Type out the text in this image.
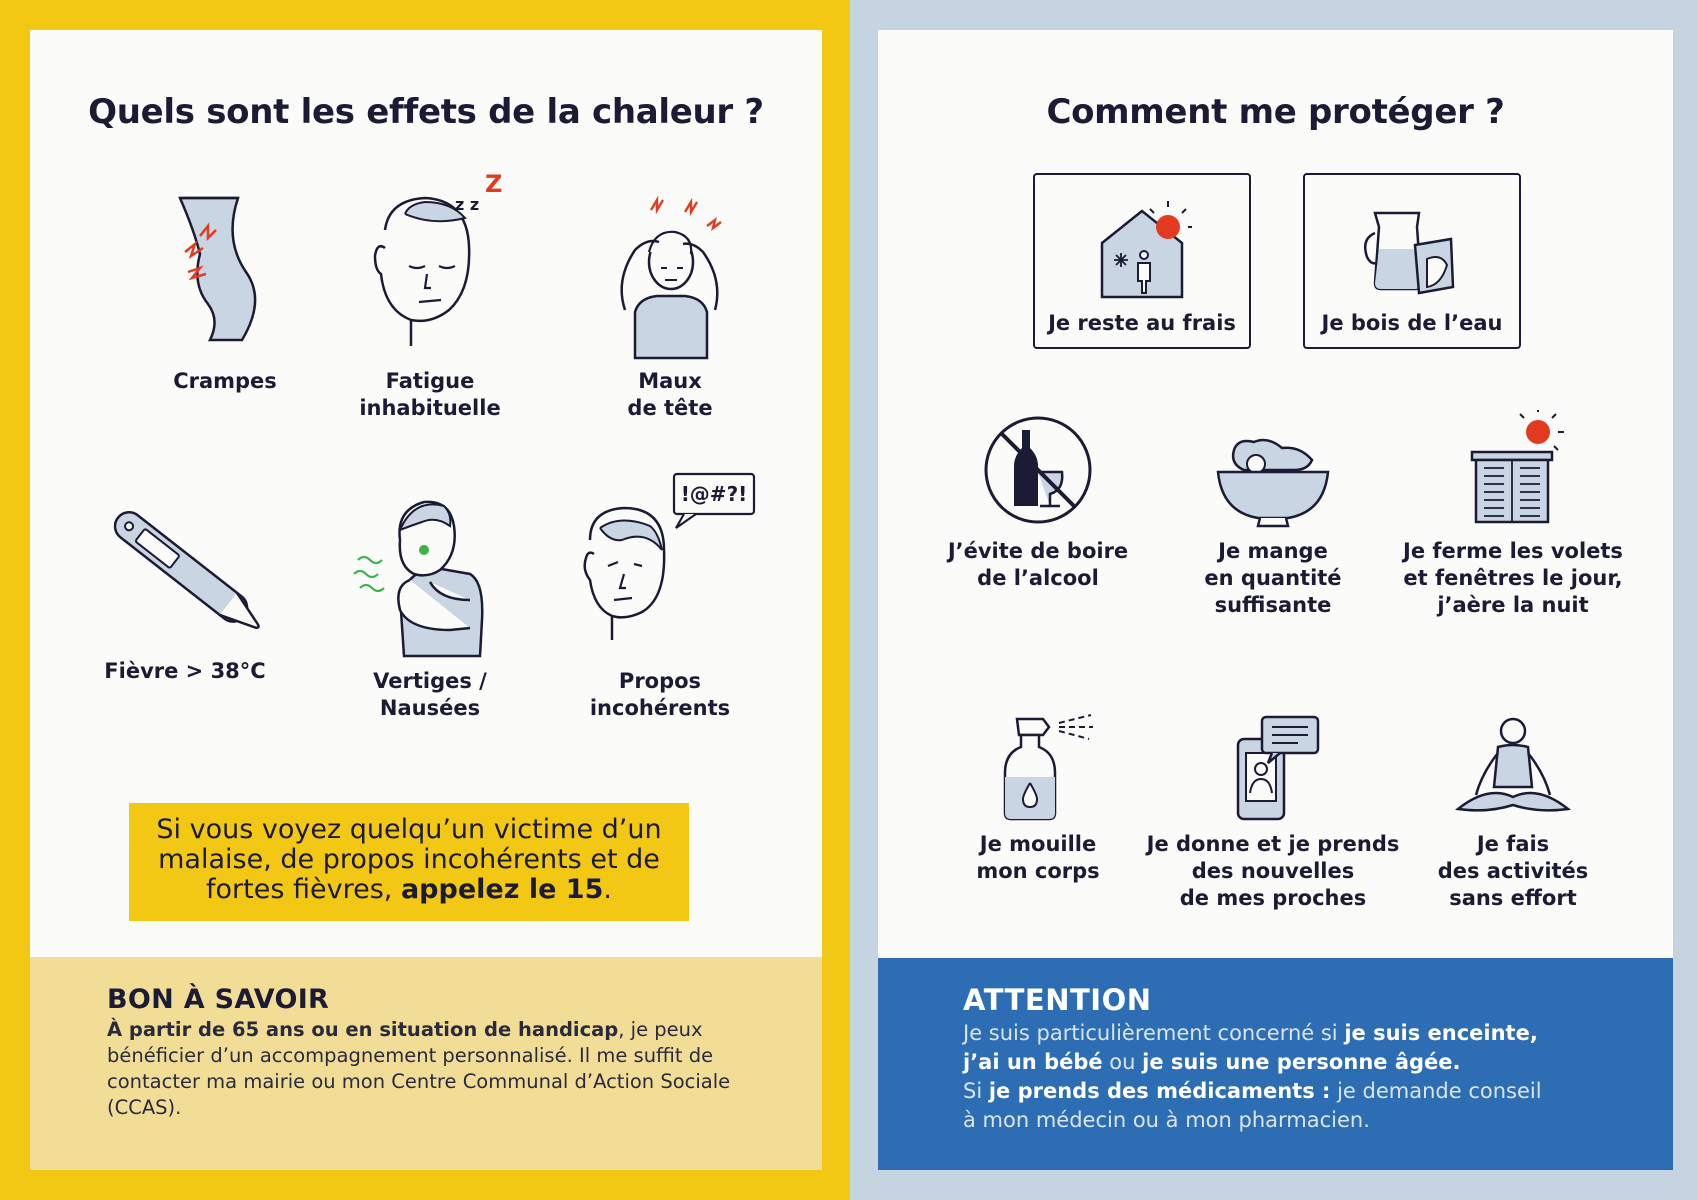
Quels sont les effets de la chaleur ?
Crampes
z z
Z
Fatigue
inhabituelle
Maux
de tête
Fièvre > 38°C	Vertiges /
Nausées
!@#?!
Propos
incohérents
Si vous voyez quelqu’un victime d’un malaise, de propos incohérents et de fortes fièvres, appelez le 15.
BON À SAVOIR
À partir de 65 ans ou en situation de handicap, je peux bénéficier d’un accompagnement personnalisé. Il me suffit de contacter ma mairie ou mon Centre Communal d’Action Sociale (CCAS).
Comment me protéger ?
Je reste au frais	Je bois de l’eau
J’évite de boire
de l’alcool
Je mange
en quantité
suffisante
Je ferme les volets
et fenêtres le jour,
j’aère la nuit
Je mouille
mon corps
Je donne et je prends
des nouvelles
de mes proches
Je fais
des activités
sans effort
ATTENTION
Je suis particulièrement concerné si je suis enceinte,
j’ai un bébé ou je suis une personne âgée.
Si je prends des médicaments : je demande conseil
à mon médecin ou à mon pharmacien.
